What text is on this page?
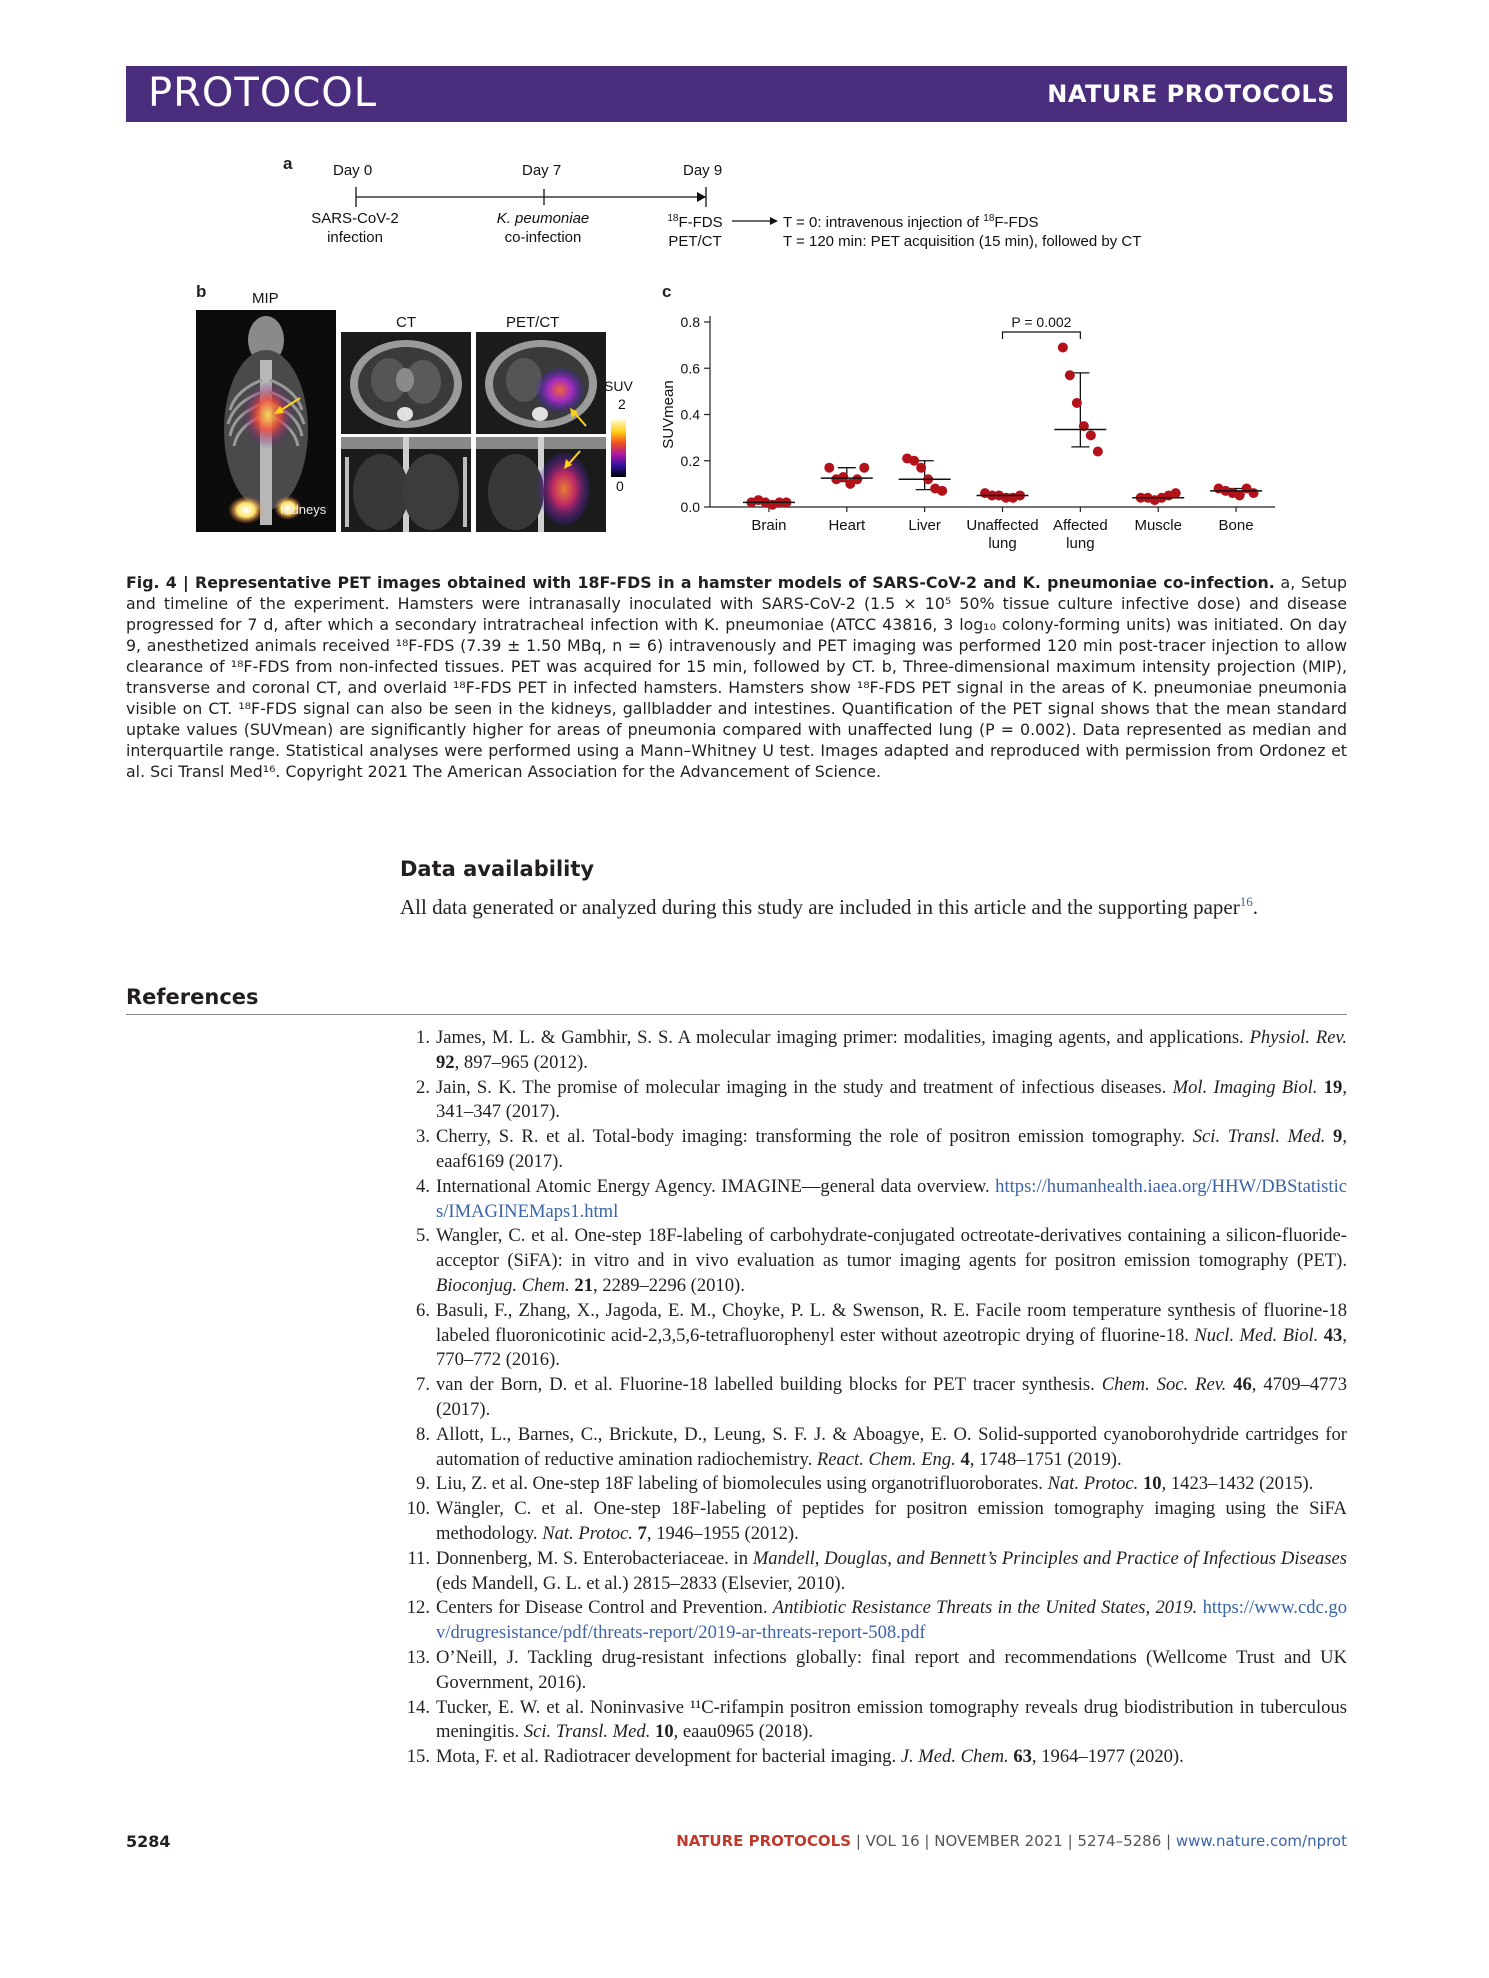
PROTOCOL	NATURE PROTOCOLS
a	Day 0	Day 7	Day 9
SARS-CoV-2
infection
K. peumoniae
co-infection
$^{18}$F-FDS
PET/CT
T = 0: intravenous injection of $^{18}$F-FDS
T = 120 min: PET acquisition (15 min), followed by CT
b	MIP
CT	PET/CT
Kidneys
SUV
2
0
c
0.0
0.2
0.4
0.6
0.8
SUVmean
Brain	Heart	Liver Unaffected
lung
Affected
lung
Muscle Bone
P = 0.002
Fig. 4 | Representative PET images obtained with 18F-FDS in a hamster models of SARS-CoV-2 and K. pneumoniae co-infection. a, Setup and timeline of the experiment. Hamsters were intranasally inoculated with SARS-CoV-2 (1.5 × 10⁵ 50% tissue culture infective dose) and disease progressed for 7 d, after which a secondary intratracheal infection with K. pneumoniae (ATCC 43816, 3 log₁₀ colony-forming units) was initiated. On day 9, anesthetized animals received ¹⁸F-FDS (7.39 ± 1.50 MBq, n = 6) intravenously and PET imaging was performed 120 min post-tracer injection to allow clearance of ¹⁸F-FDS from non-infected tissues. PET was acquired for 15 min, followed by CT. b, Three-dimensional maximum intensity projection (MIP), transverse and coronal CT, and overlaid ¹⁸F-FDS PET in infected hamsters. Hamsters show ¹⁸F-FDS PET signal in the areas of K. pneumoniae pneumonia visible on CT. ¹⁸F-FDS signal can also be seen in the kidneys, gallbladder and intestines. Quantification of the PET signal shows that the mean standard uptake values (SUVmean) are significantly higher for areas of pneumonia compared with unaffected lung (P = 0.002). Data represented as median and interquartile range. Statistical analyses were performed using a Mann–Whitney U test. Images adapted and reproduced with permission from Ordonez et al. Sci Transl Med¹⁶. Copyright 2021 The American Association for the Advancement of Science.
Data availability
All data generated or analyzed during this study are included in this article and the supporting paper$^{16}$.
References
1. James, M. L. & Gambhir, S. S. A molecular imaging primer: modalities, imaging agents, and applications. Physiol. Rev. 92, 897–965 (2012).
2. Jain, S. K. The promise of molecular imaging in the study and treatment of infectious diseases. Mol. Imaging Biol. 19, 341–347 (2017).
3. Cherry, S. R. et al. Total-body imaging: transforming the role of positron emission tomography. Sci. Transl. Med. 9, eaaf6169 (2017).
4. International Atomic Energy Agency. IMAGINE—general data overview. https://humanhealth.iaea.org/HHW/DBStatistics/IMAGINEMaps1.html
5. Wangler, C. et al. One-step 18F-labeling of carbohydrate-conjugated octreotate-derivatives containing a silicon-fluoride-acceptor (SiFA): in vitro and in vivo evaluation as tumor imaging agents for positron emission tomography (PET). Bioconjug. Chem. 21, 2289–2296 (2010).
6. Basuli, F., Zhang, X., Jagoda, E. M., Choyke, P. L. & Swenson, R. E. Facile room temperature synthesis of fluorine-18 labeled fluoronicotinic acid-2,3,5,6-tetrafluorophenyl ester without azeotropic drying of fluorine-18. Nucl. Med. Biol. 43, 770–772 (2016).
7. van der Born, D. et al. Fluorine-18 labelled building blocks for PET tracer synthesis. Chem. Soc. Rev. 46, 4709–4773 (2017).
8. Allott, L., Barnes, C., Brickute, D., Leung, S. F. J. & Aboagye, E. O. Solid-supported cyanoborohydride cartridges for automation of reductive amination radiochemistry. React. Chem. Eng. 4, 1748–1751 (2019).
9. Liu, Z. et al. One-step 18F labeling of biomolecules using organotrifluoroborates. Nat. Protoc. 10, 1423–1432 (2015).
10. Wängler, C. et al. One-step 18F-labeling of peptides for positron emission tomography imaging using the SiFA methodology. Nat. Protoc. 7, 1946–1955 (2012).
11. Donnenberg, M. S. Enterobacteriaceae. in Mandell, Douglas, and Bennett’s Principles and Practice of Infectious Diseases (eds Mandell, G. L. et al.) 2815–2833 (Elsevier, 2010).
12. Centers for Disease Control and Prevention. Antibiotic Resistance Threats in the United States, 2019. https://www.cdc.gov/drugresistance/pdf/threats-report/2019-ar-threats-report-508.pdf
13. O’Neill, J. Tackling drug-resistant infections globally: final report and recommendations (Wellcome Trust and UK Government, 2016).
14. Tucker, E. W. et al. Noninvasive ¹¹C-rifampin positron emission tomography reveals drug biodistribution in tuberculous meningitis. Sci. Transl. Med. 10, eaau0965 (2018).
15. Mota, F. et al. Radiotracer development for bacterial imaging. J. Med. Chem. 63, 1964–1977 (2020).
5284	NATURE PROTOCOLS | VOL 16 | NOVEMBER 2021 | 5274–5286 | www.nature.com/nprot
